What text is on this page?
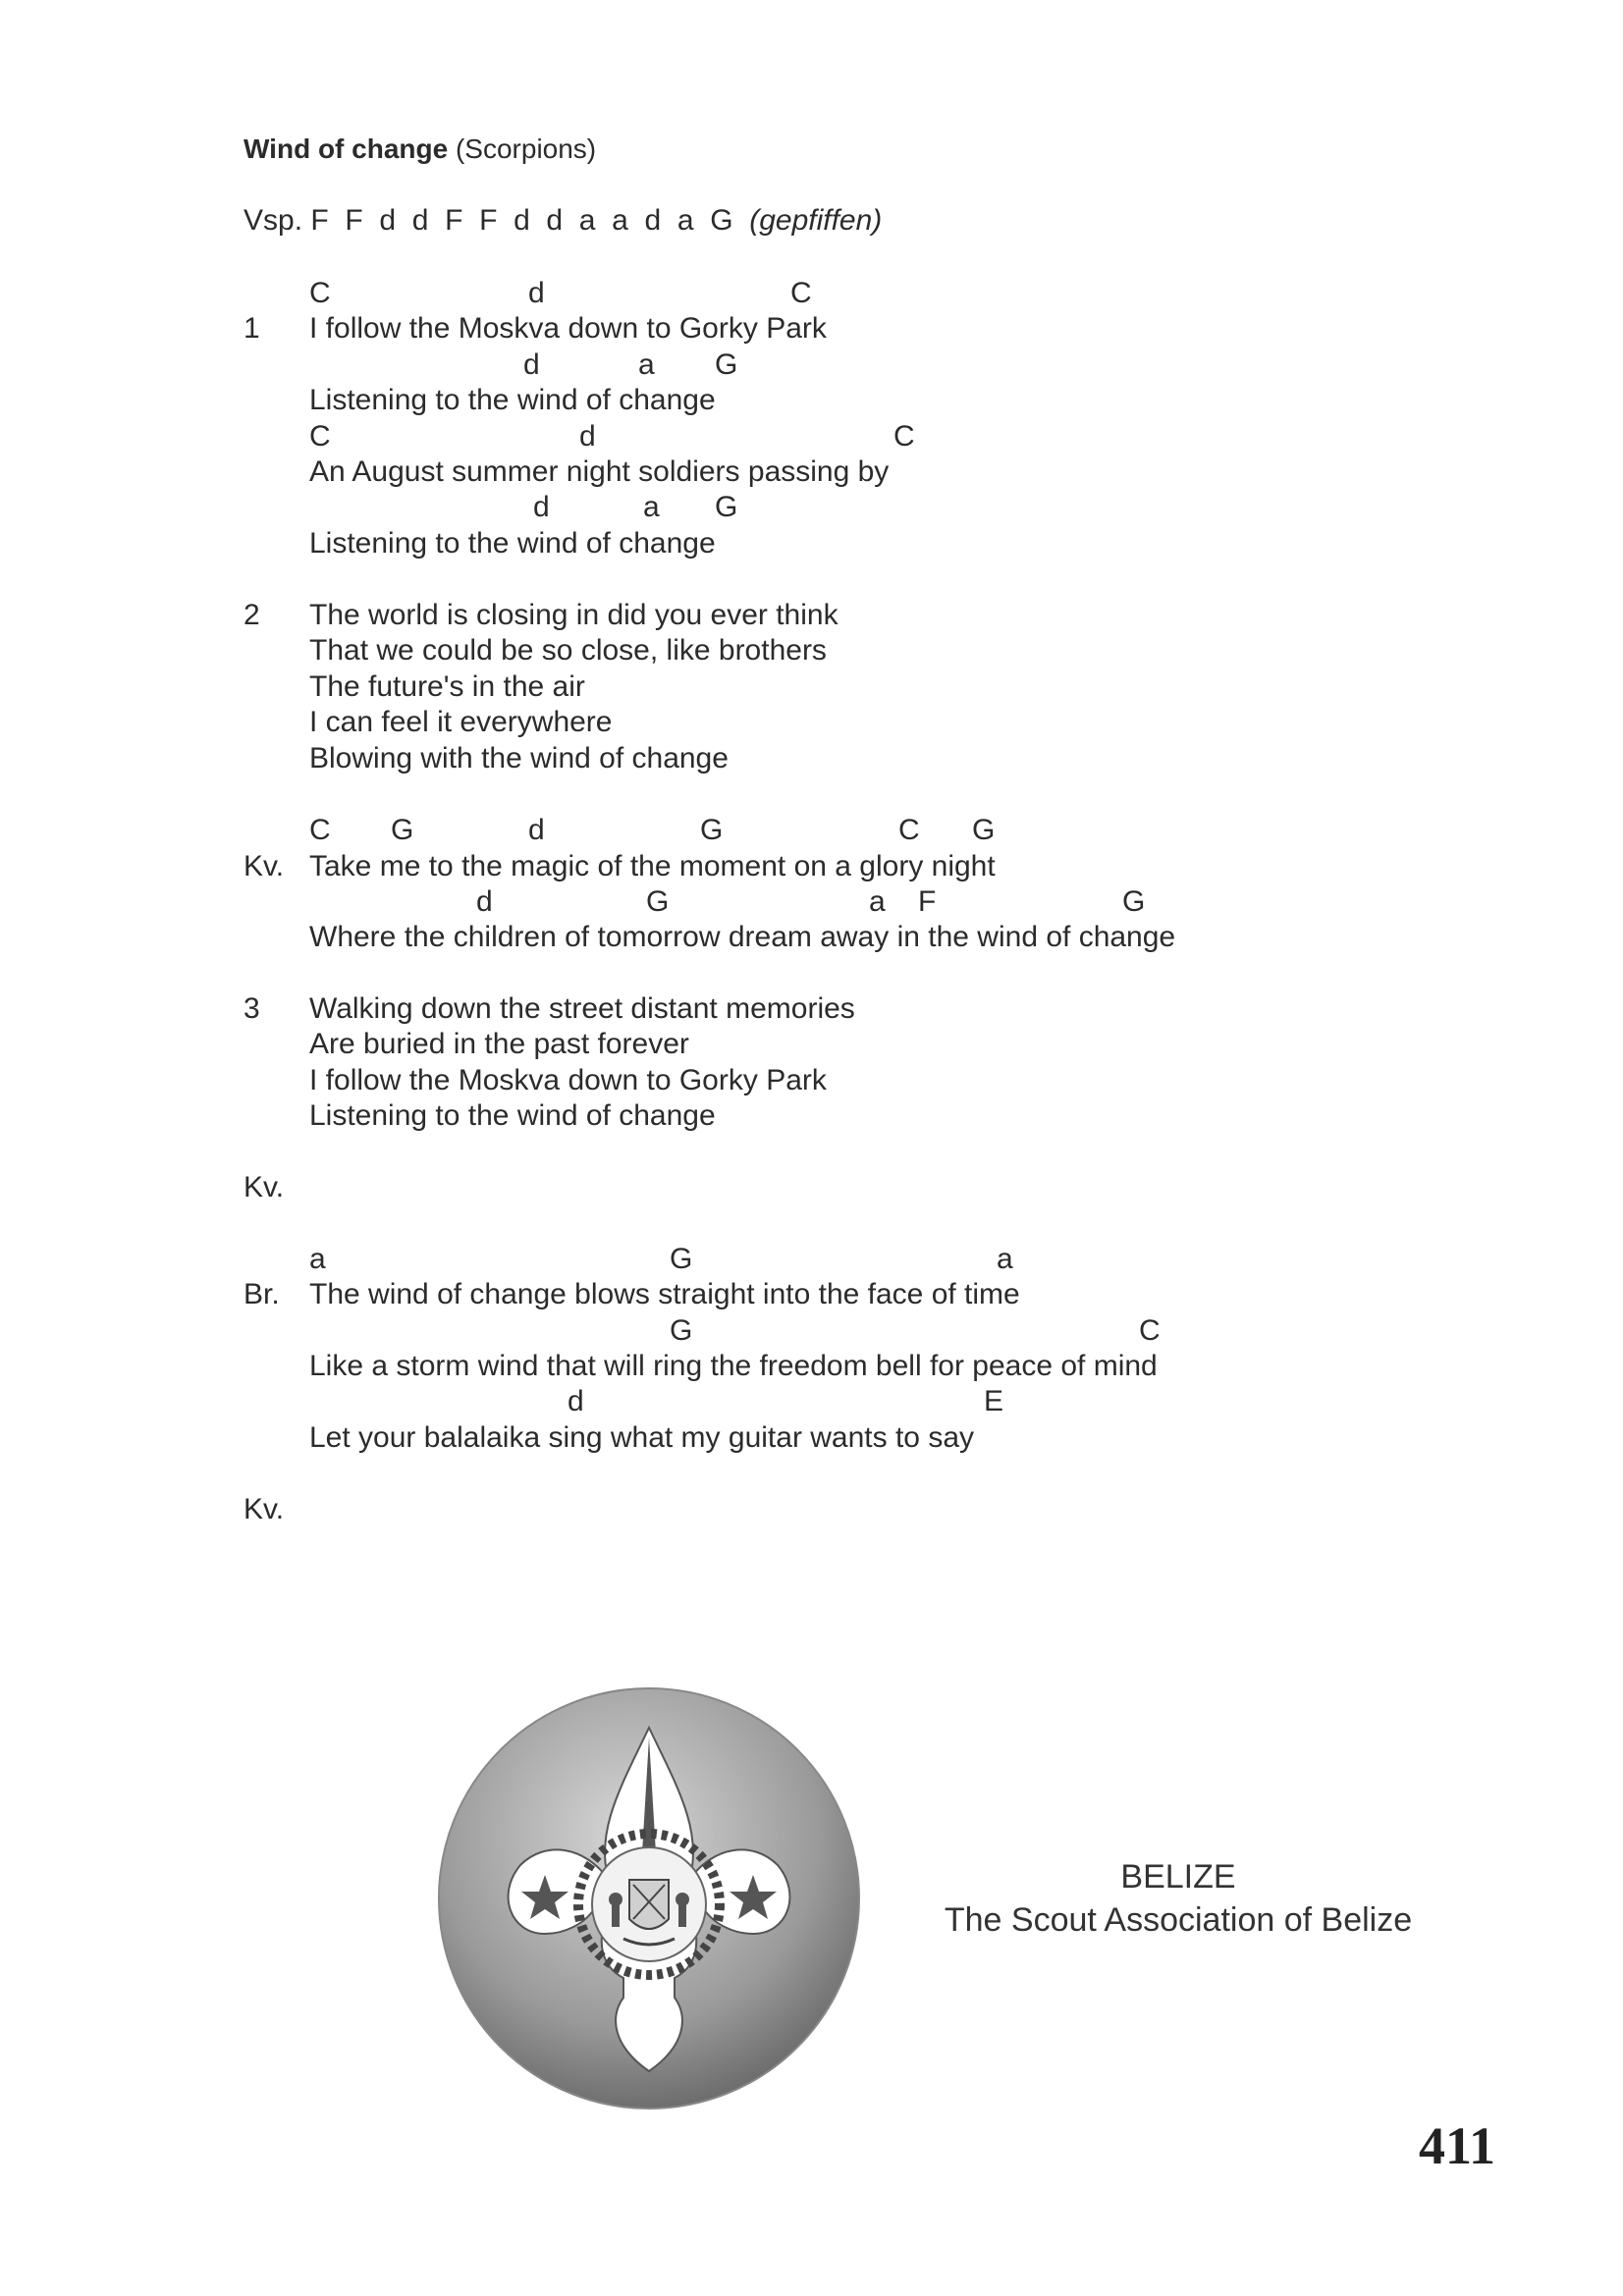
Wind of change (Scorpions)
Vsp. F  F  d  d  F  F  d  d  a  a  d  a  G (gepfiffen)
C	d	C
1 I follow the Moskva down to Gorky Park
d	a G
Listening to the wind of change
C	d	C
An August summer night soldiers passing by
d	a G
Listening to the wind of change
2 The world is closing in did you ever think
That we could be so close, like brothers
The future's in the air
I can feel it everywhere
Blowing with the wind of change
C G	d	G	C G
Kv. Take me to the magic of the moment on a glory night
d	G	a F	G
Where the children of tomorrow dream away in the wind of change
3 Walking down the street distant memories
Are buried in the past forever
I follow the Moskva down to Gorky Park
Listening to the wind of change
Kv.
a	G	a
Br. The wind of change blows straight into the face of time
G	C
Like a storm wind that will ring the freedom bell for peace of mind
d	E
Let your balalaika sing what my guitar wants to say
Kv.
BELIZE
The Scout Association of Belize
411
